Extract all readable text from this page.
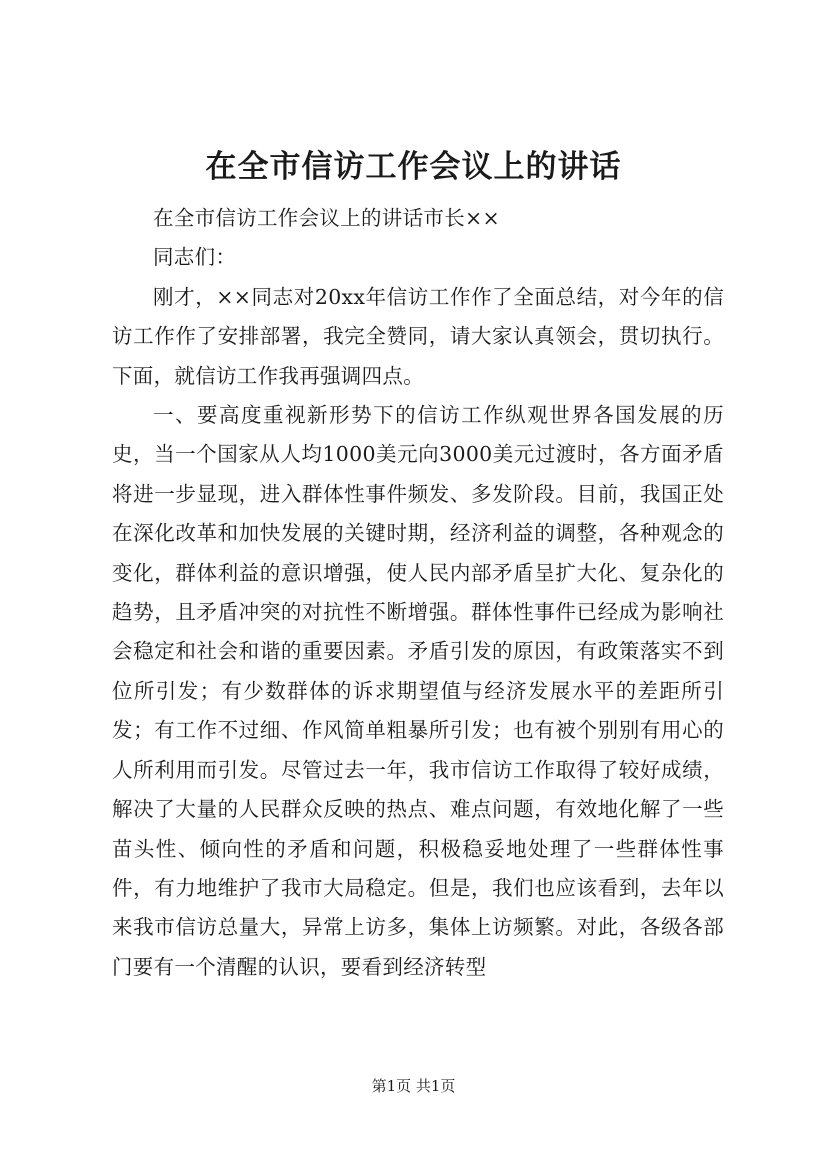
在全市信访工作会议上的讲话

在全市信访工作会议上的讲话市长××

同志们：

刚才，××同志对20xx年信访工作作了全面总结，对今年的信访工作作了安排部署，我完全赞同，请大家认真领会，贯切执行。下面，就信访工作我再强调四点。

一、要高度重视新形势下的信访工作纵观世界各国发展的历史，当一个国家从人均1000美元向3000美元过渡时，各方面矛盾将进一步显现，进入群体性事件频发、多发阶段。目前，我国正处在深化改革和加快发展的关键时期，经济利益的调整，各种观念的变化，群体利益的意识增强，使人民内部矛盾呈扩大化、复杂化的趋势，且矛盾冲突的对抗性不断增强。群体性事件已经成为影响社会稳定和社会和谐的重要因素。矛盾引发的原因，有政策落实不到位所引发；有少数群体的诉求期望值与经济发展水平的差距所引发；有工作不过细、作风简单粗暴所引发；也有被个别别有用心的人所利用而引发。尽管过去一年，我市信访工作取得了较好成绩，解决了大量的人民群众反映的热点、难点问题，有效地化解了一些苗头性、倾向性的矛盾和问题，积极稳妥地处理了一些群体性事件，有力地维护了我市大局稳定。但是，我们也应该看到，去年以来我市信访总量大，异常上访多，集体上访频繁。对此，各级各部门要有一个清醒的认识，要看到经济转型

第1页 共1页
